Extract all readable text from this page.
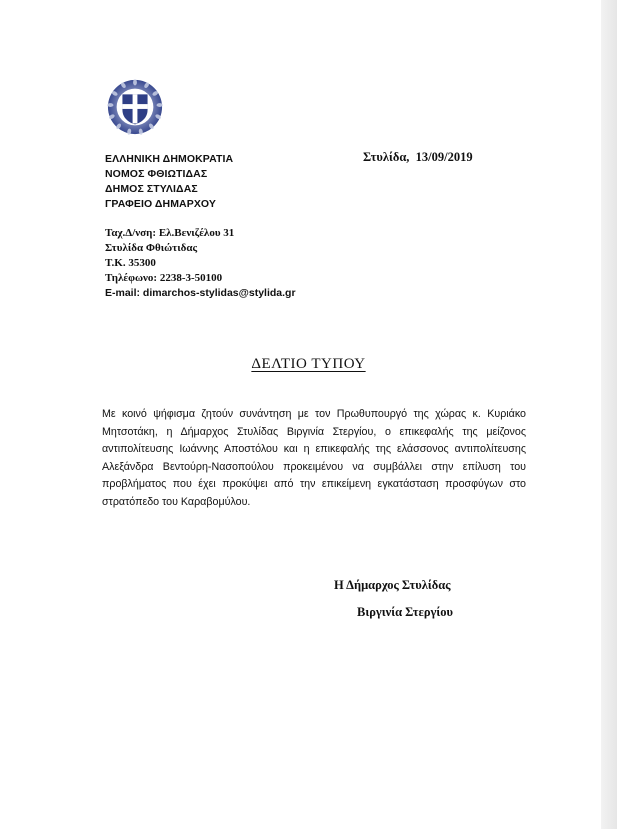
ΕΛΛΗΝΙΚΗ ΔΗΜΟΚΡΑΤΙΑ
ΝΟΜΟΣ ΦΘΙΩΤΙΔΑΣ
ΔΗΜΟΣ ΣΤΥΛΙΔΑΣ
ΓΡΑΦΕΙΟ ΔΗΜΑΡΧΟΥ
Στυλίδα,  13/09/2019
Ταχ.Δ/νση: Ελ.Βενιζέλου 31
Στυλίδα Φθιώτιδας
Τ.Κ. 35300
Τηλέφωνο: 2238-3-50100
E-mail: dimarchos-stylidas@stylida.gr
ΔΕΛΤΙΟ ΤΥΠΟΥ
Με κοινό ψήφισμα ζητούν συνάντηση με τον Πρωθυπουργό της χώρας κ. Κυριάκο Μητσοτάκη, η Δήμαρχος Στυλίδας Βιργινία Στεργίου, ο επικεφαλής της μείζονος αντιπολίτευσης Ιωάννης Αποστόλου και η επικεφαλής της ελάσσονος αντιπολίτευσης Αλεξάνδρα Βεντούρη-Νασοπούλου προκειμένου να συμβάλλει στην επίλυση του προβλήματος που έχει προκύψει από την επικείμενη εγκατάσταση προσφύγων στο στρατόπεδο του Καραβομύλου.
Η Δήμαρχος Στυλίδας
Βιργινία Στεργίου
